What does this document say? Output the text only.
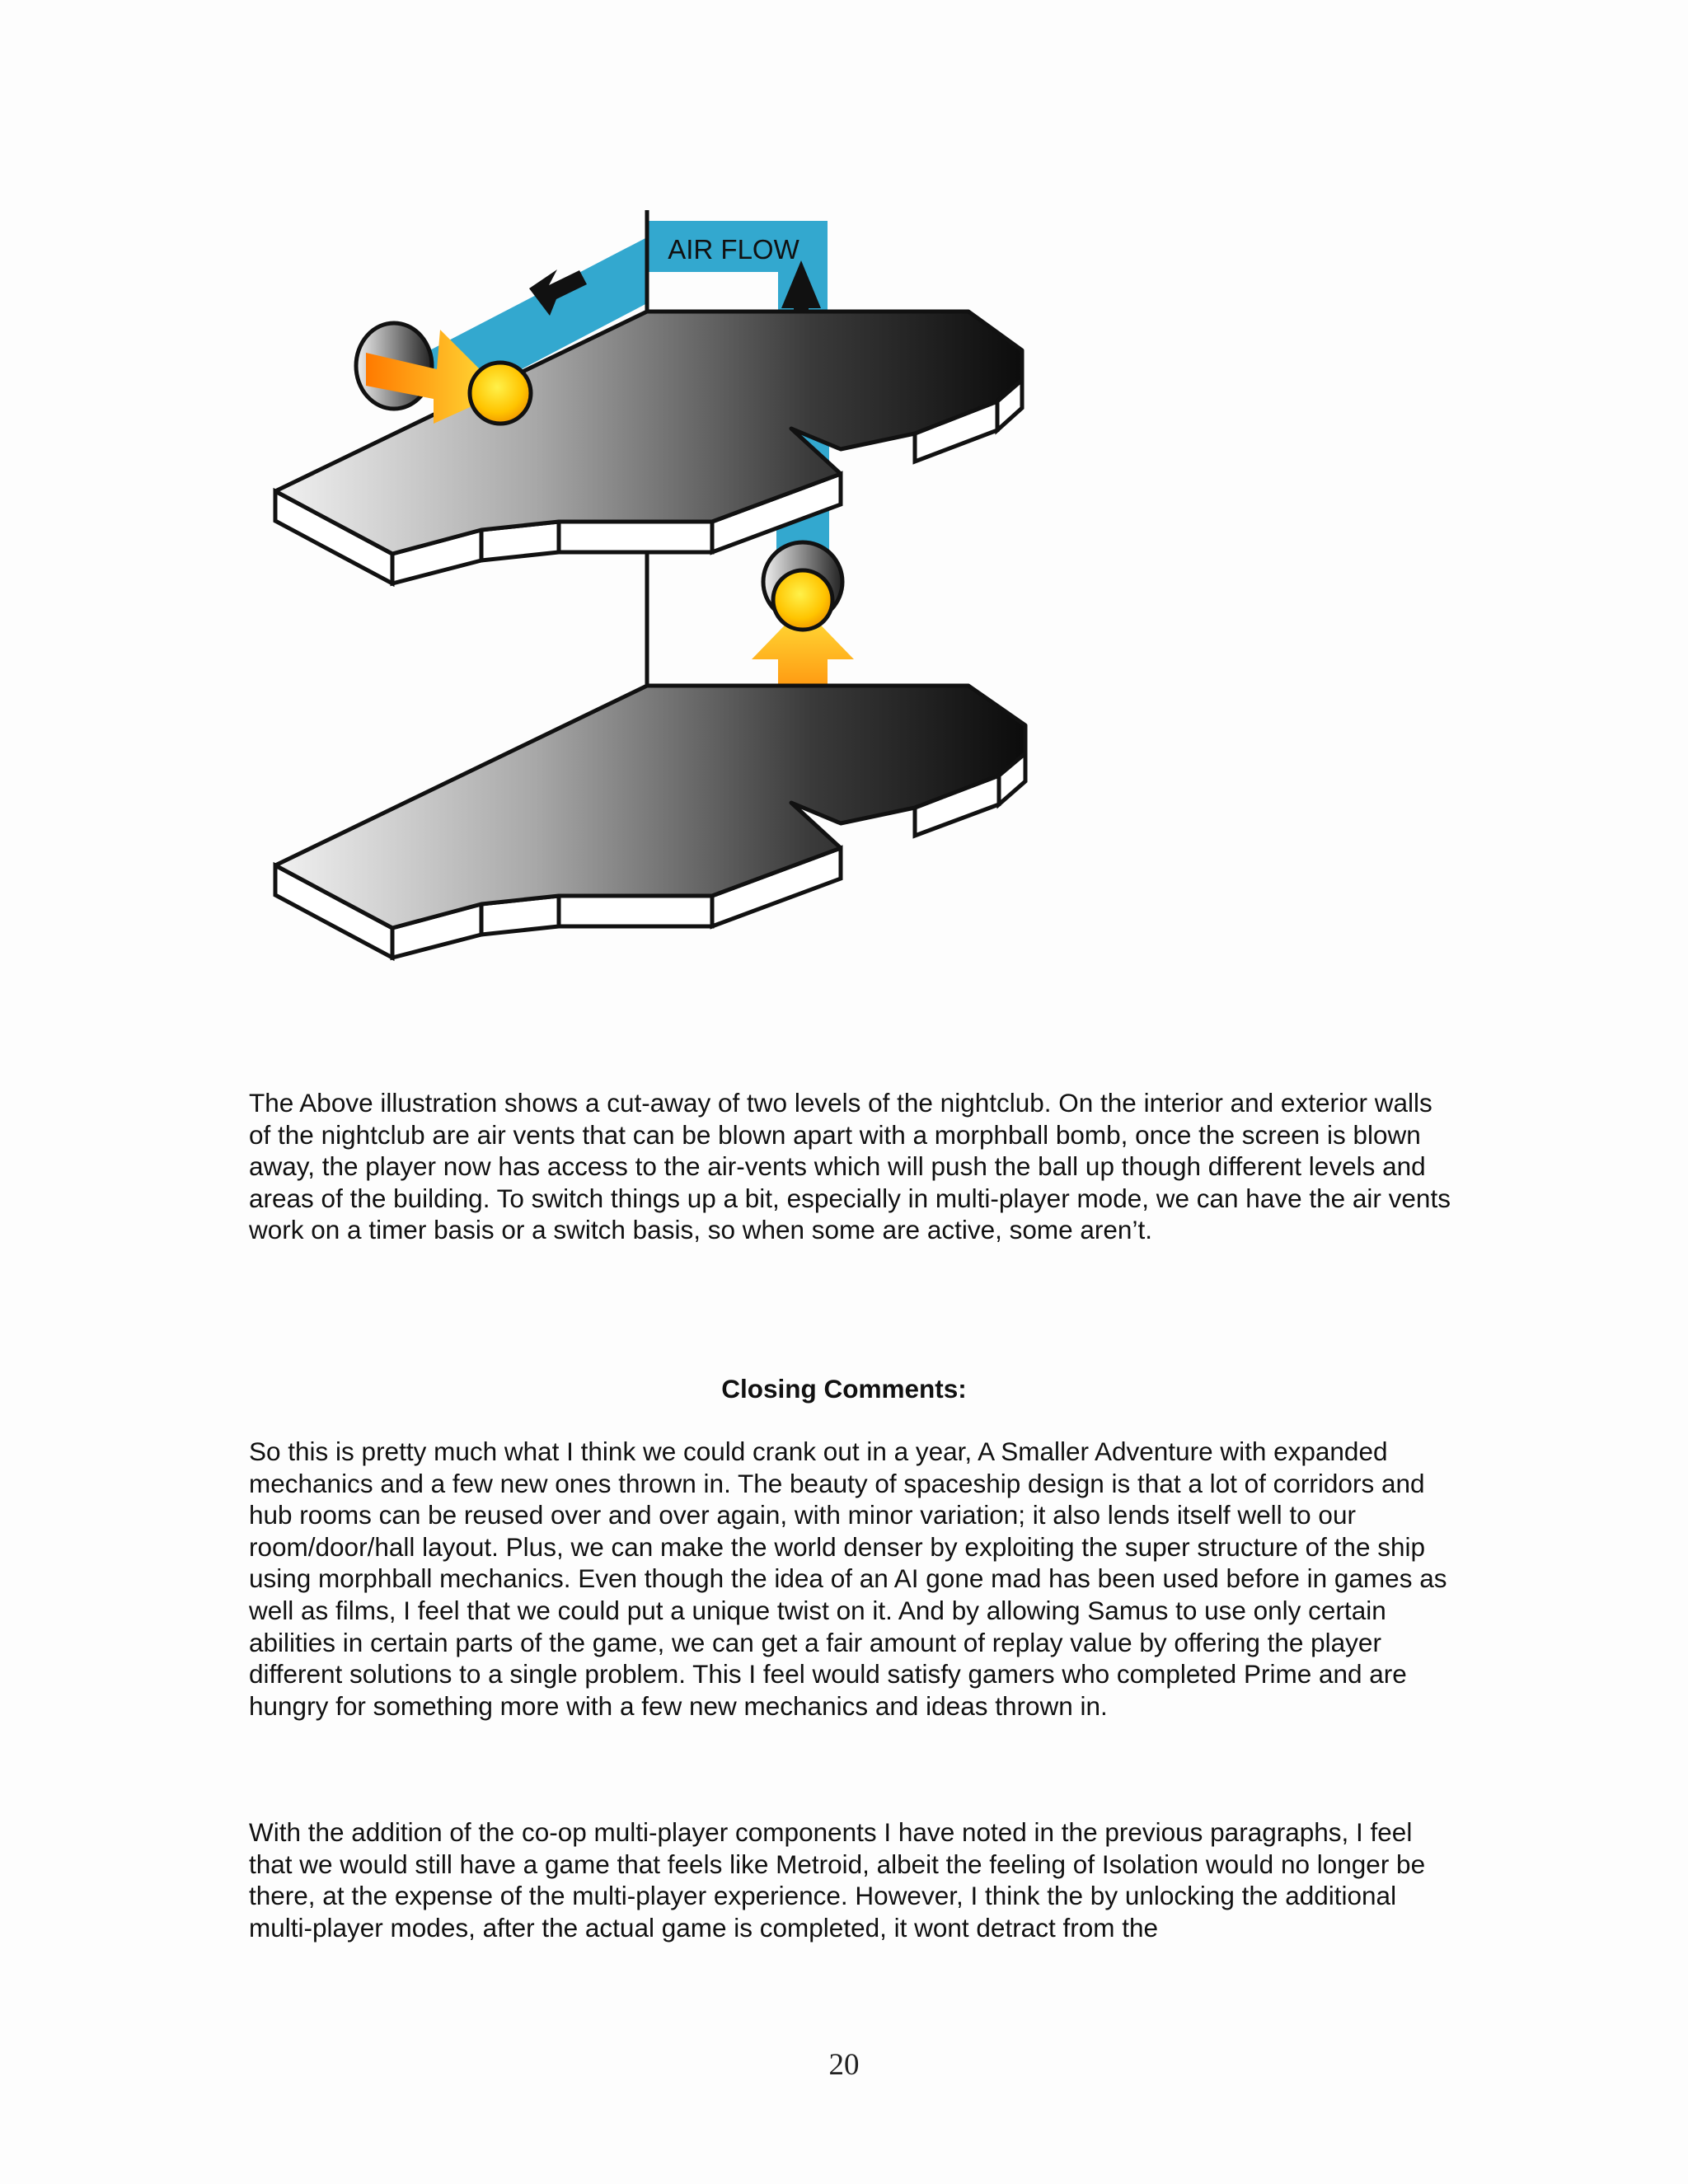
AIR FLOW

The Above illustration shows a cut-away of two levels of the nightclub. On the interior and exterior walls of the nightclub are air vents that can be blown apart with a morphball bomb, once the screen is blown away, the player now has access to the air-vents which will push the ball up though different levels and areas of the building. To switch things up a bit, especially in multi-player mode, we can have the air vents work on a timer basis or a switch basis, so when some are active, some aren’t.

Closing Comments:

So this is pretty much what I think we could crank out in a year, A Smaller Adventure with expanded mechanics and a few new ones thrown in. The beauty of spaceship design is that a lot of corridors and hub rooms can be reused over and over again, with minor variation; it also lends itself well to our room/door/hall layout. Plus, we can make the world denser by exploiting the super structure of the ship using morphball mechanics. Even though the idea of an AI gone mad has been used before in games as well as films, I feel that we could put a unique twist on it. And by allowing Samus to use only certain abilities in certain parts of the game, we can get a fair amount of replay value by offering the player different solutions to a single problem. This I feel would satisfy gamers who completed Prime and are hungry for something more with a few new mechanics and ideas thrown in.

With the addition of the co-op multi-player components I have noted in the previous paragraphs, I feel that we would still have a game that feels like Metroid, albeit the feeling of Isolation would no longer be there, at the expense of the multi-player experience. However, I think the by unlocking the additional multi-player modes, after the actual game is completed, it wont detract from the

20
